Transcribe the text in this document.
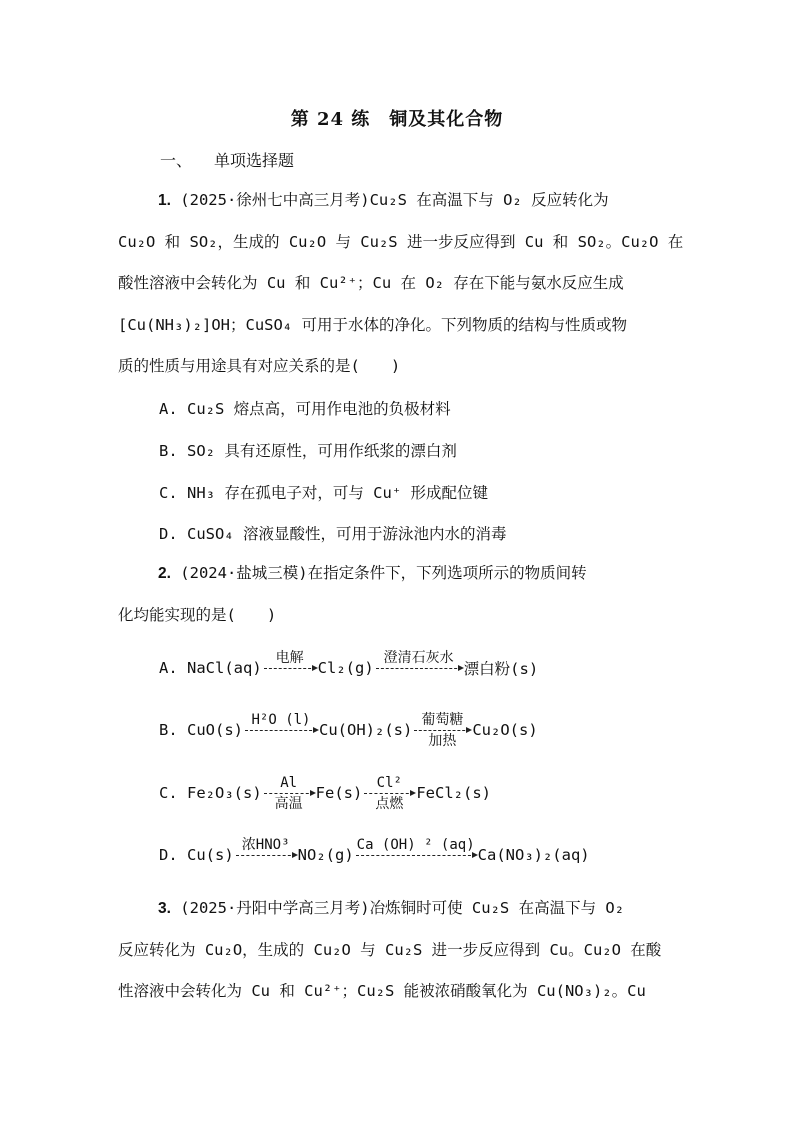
第 24 练　铜及其化合物
一、 单项选择题
1. (2025·徐州七中高三月考)Cu₂S 在高温下与 O₂ 反应转化为
Cu₂O 和 SO₂，生成的 Cu₂O 与 Cu₂S 进一步反应得到 Cu 和 SO₂。Cu₂O 在
酸性溶液中会转化为 Cu 和 Cu²⁺；Cu 在 O₂ 存在下能与氨水反应生成
[Cu(NH₃)₂]OH；CuSO₄ 可用于水体的净化。下列物质的结构与性质或物
质的性质与用途具有对应关系的是(　　)
A. Cu₂S 熔点高，可用作电池的负极材料
B. SO₂ 具有还原性，可用作纸浆的漂白剂
C. NH₃ 存在孤电子对，可与 Cu⁺ 形成配位键
D. CuSO₄ 溶液显酸性，可用于游泳池内水的消毒
2. (2024·盐城三模)在指定条件下，下列选项所示的物质间转
化均能实现的是(　　)
A. NaCl(aq)
电解
Cl₂(g)
澄清石灰水
漂白粉(s)
B. CuO(s)
H²O (l)
Cu(OH)₂(s)
葡萄糖
加热
Cu₂O(s)
C. Fe₂O₃(s)
Al
高温
Fe(s)
Cl²
点燃
FeCl₂(s)
D. Cu(s)
浓HNO³
NO₂(g)
Ca (OH) ² (aq)
Ca(NO₃)₂(aq)
3. (2025·丹阳中学高三月考)冶炼铜时可使 Cu₂S 在高温下与 O₂
反应转化为 Cu₂O，生成的 Cu₂O 与 Cu₂S 进一步反应得到 Cu。Cu₂O 在酸
性溶液中会转化为 Cu 和 Cu²⁺；Cu₂S 能被浓硝酸氧化为 Cu(NO₃)₂。Cu
